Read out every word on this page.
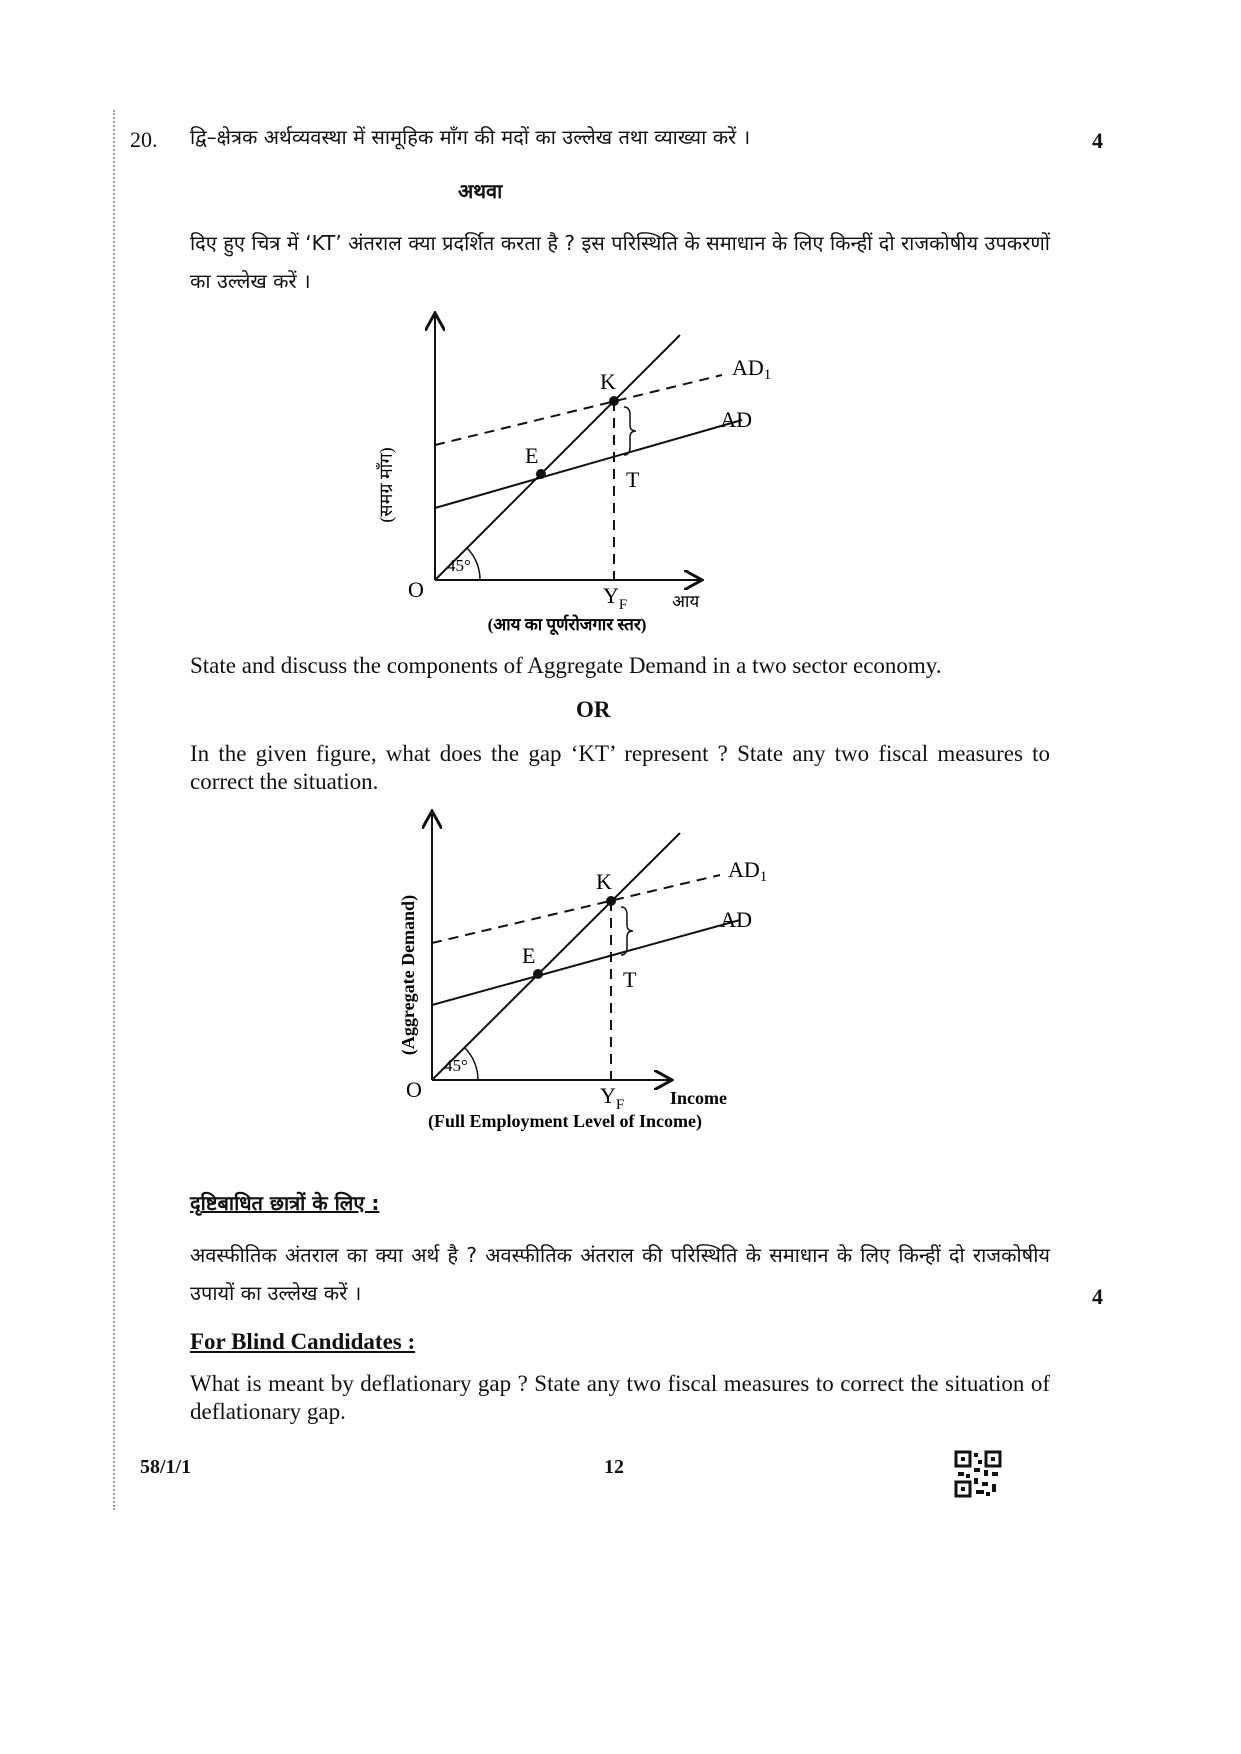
20. द्वि–क्षेत्रक अर्थव्यवस्था में सामूहिक माँग की मदों का उल्लेख तथा व्याख्या करें ।	4
अथवा
दिए हुए चित्र में ‘KT’ अंतराल क्या प्रदर्शित करता है ? इस परिस्थिति के समाधान के लिए किन्हीं दो राजकोषीय उपकरणों का उल्लेख करें ।
(समग्र माँग)
O
45°
K
E
T
AD1
AD
$Y_F$	आय
(आय का पूर्णरोजगार स्तर)
State and discuss the components of Aggregate Demand in a two sector economy.
OR
In the given figure, what does the gap ‘KT’ represent ? State any two fiscal measures to correct the situation.
(Aggregate Demand)
O
45°
K
E
T
AD1
AD
$Y_F$	Income
(Full Employment Level of Income)
दृष्टिबाधित छात्रों के लिए :
अवस्फीतिक अंतराल का क्या अर्थ है ? अवस्फीतिक अंतराल की परिस्थिति के समाधान के लिए किन्हीं दो राजकोषीय उपायों का उल्लेख करें ।	4
For Blind Candidates :
What is meant by deflationary gap ? State any two fiscal measures to correct the situation of deflationary gap.
58/1/1	12
